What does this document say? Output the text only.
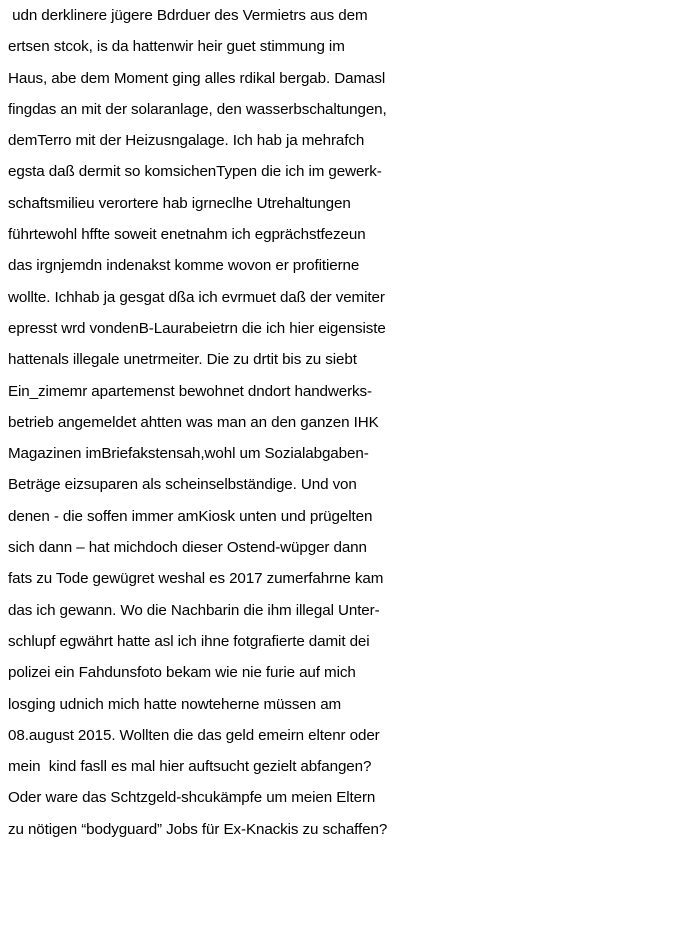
udn derklinere jügere Bdrduer des Vermietrs aus dem
ertsen stcok, is da hattenwir heir guet stimmung im
Haus, abe dem Moment ging alles rdikal bergab. Damasl
fingdas an mit der solaranlage, den wasserbschaltungen,
demTerro mit der Heizusngalage. Ich hab ja mehrafch
egsta daß dermit so komsichenTypen die ich im gewerk-
schaftsmilieu verortere hab igrneclhe Utrehaltungen
führtewohl hffte soweit enetnahm ich egprächstfezeun
das irgnjemdn indenakst komme wovon er profitierne
wollte. Ichhab ja gesgat dßa ich evrmuet daß der vemiter
epresst wrd vondenB-Laurabeietrn die ich hier eigensiste
hattenals illegale unetrmeiter. Die zu drtit bis zu siebt
Ein_zimemr apartemenst bewohnet dndort handwerks-
betrieb angemeldet ahtten was man an den ganzen IHK
Magazinen imBriefakstensah,wohl um Sozialabgaben-
Beträge eizsuparen als scheinselbständige. Und von
denen - die soffen immer amKiosk unten und prügelten
sich dann – hat michdoch dieser Ostend-wüpger dann
fats zu Tode gewügret weshal es 2017 zumerfahrne kam
das ich gewann. Wo die Nachbarin die ihm illegal Unter-
schlupf egwährt hatte asl ich ihne fotgrafierte damit dei
polizei ein Fahdunsfoto bekam wie nie furie auf mich
losging udnich mich hatte nowteherne müssen am
08.august 2015. Wollten die das geld emeirn eltenr oder
mein  kind fasll es mal hier auftsucht gezielt abfangen?
Oder ware das Schtzgeld-shcukämpfe um meien Eltern
zu nötigen “bodyguard” Jobs für Ex-Knackis zu schaffen?
